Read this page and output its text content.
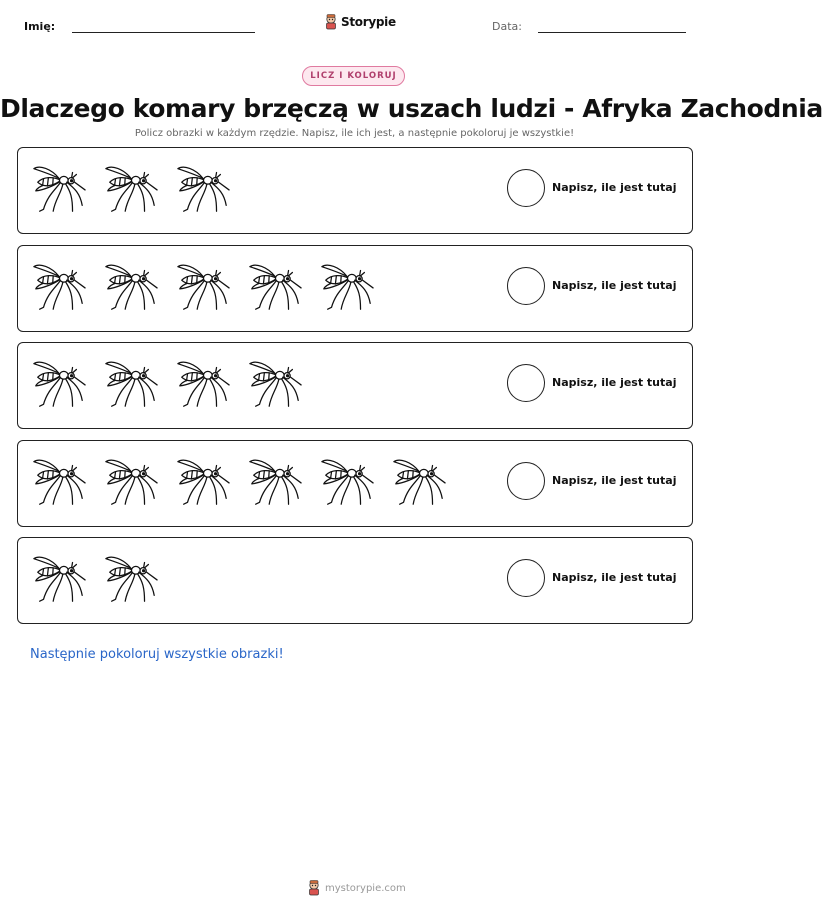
Imię:	Storypie	Data:
LICZ I KOLORUJ
Dlaczego komary brzęczą w uszach ludzi - Afryka Zachodnia
Policz obrazki w każdym rzędzie. Napisz, ile ich jest, a następnie pokoloruj je wszystkie!
Napisz, ile jest tutaj
Napisz, ile jest tutaj
Napisz, ile jest tutaj
Napisz, ile jest tutaj
Napisz, ile jest tutaj
Następnie pokoloruj wszystkie obrazki!
mystorypie.com
